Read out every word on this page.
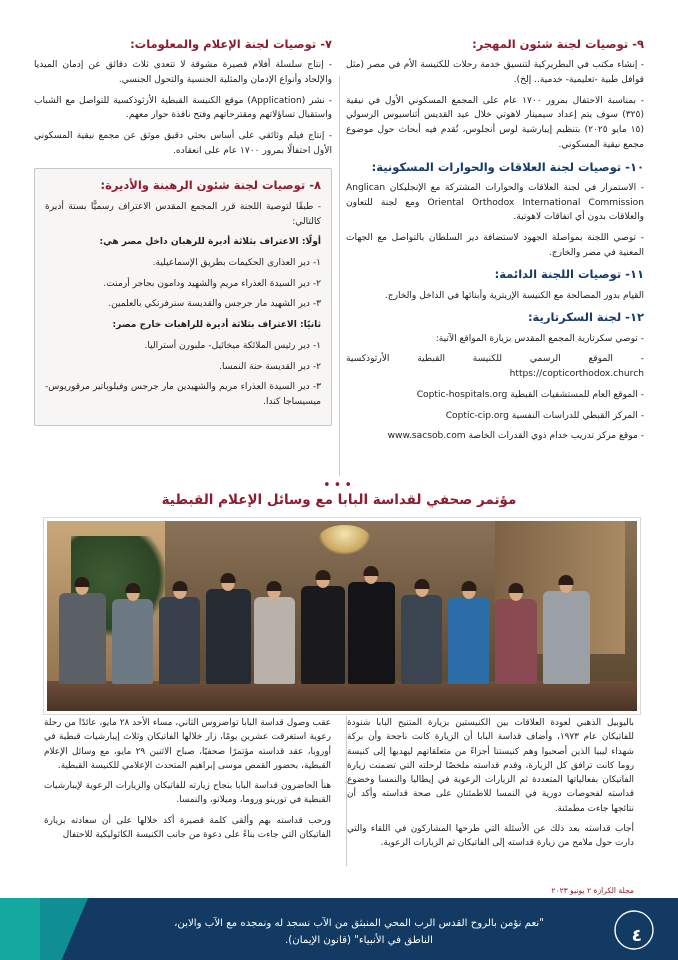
٧- توصيات لجنة الإعلام والمعلومات:

- إنتاج سلسلة أفلام قصيرة مشوقة لا تتعدى ثلاث دقائق عن إدمان الميديا والإلحاد وأنواع الإدمان والمثلية الجنسية والتحول الجنسي.

- نشر (Application) موقع الكنيسة القبطية الأرثوذكسية للتواصل مع الشباب واستقبال تساؤلاتهم ومقترحاتهم وفتح نافذة حوار معهم.

- إنتاج فيلم وثائقي على أساس بحثي دقيق موثق عن مجمع نيقية المسكوني الأول احتفالًا بمرور ١٧٠٠ عام على انعقاده.

٨- توصيات لجنة شئون الرهبنة والأديرة:

- طبقًا لتوصية اللجنة قرر المجمع المقدس الاعتراف رسميًّا بستة أديرة كالتالي:

أولًا: الاعتراف بثلاثة أديرة للرهبان داخل مصر هي:

١- دير العذارى الحكيمات بطريق الإسماعيلية.

٢- دير السيدة العذراء مريم والشهيد ودامون بحاجر أرمنت.

٣- دير الشهيد مار جرجس والقديسة سنرفرنكي بالعلمين.

ثانيًا: الاعتراف بثلاثة أديرة للراهبات خارج مصر:

١- دير رئيس الملائكة ميخائيل- ملبورن أستراليا.

٢- دير القديسة حنة النمسا.

٣- دير السيدة العذراء مريم والشهيدين مار جرجس وفيلوباتير مرقوريوس- ميسيساجا كندا.

٩- توصيات لجنة شئون المهجر:

- إنشاء مكتب في البطريركية لتنسيق خدمة رحلات للكنيسة الأم في مصر (مثل قوافل طبية -تعليمية- خدمية.. إلخ).

- بمناسبة الاحتفال بمرور ١٧٠٠ عام على المجمع المسكوني الأول في نيقية (٣٢٥) سوف يتم إعداد سيمينار لاهوتي خلال عيد القديس أثناسيوس الرسولي (١٥ مايو ٢٠٢٥) بتنظيم إيبارشية لوس أنجلوس، تُقدم فيه أبحاث حول موضوع مجمع نيقية المسكوني.

١٠- توصيات لجنة العلاقات والحوارات المسكونية:

- الاستمرار في لجنة العلاقات والحوارات المشتركة مع الإنجليكان Anglican Oriental Orthodox International Commission ومع لجنة للتعاون والعلاقات بدون أي اتفاقات لاهوتية.

- توصي اللجنة بمواصلة الجهود لاستضافة دير السلطان بالتواصل مع الجهات المعنية في مصر والخارج.

١١- توصيات اللجنة الدائمة:

القيام بدور المصالحة مع الكنيسة الإريترية وأبنائها في الداخل والخارج.

١٢- لجنة السكرتارية:

- توصي سكرتارية المجمع المقدس بزيارة المواقع الآتية:

- الموقع الرسمي للكنيسة القبطية الأرثوذكسية https://copticorthodox.church

- الموقع العام للمستشفيات القبطية Coptic-hospitals.org

- المركز القبطي للدراسات النفسية Coptic-cip.org

- موقع مركز تدريب خدام ذوي القدرات الخاصة www.sacsob.com

•••
مؤتمر صحفي لقداسة البابا مع وسائل الإعلام القبطية

عقب وصول قداسة البابا تواضروس الثاني، مساء الأحد ٢٨ مايو، عائدًا من رحلة رعوية استغرقت عشرين يومًا، زار خلالها الفاتيكان وثلاث إيبارشيات قبطية في أوروبا، عقد قداسته مؤتمرًا صحفيًا، صباح الاثنين ٢٩ مايو، مع وسائل الإعلام القبطية، بحضور القمص موسى إبراهيم المتحدث الإعلامي للكنيسة القبطية.

هنأ الحاضرون قداسة البابا بنجاح زيارته للفاتيكان والزيارات الرعوية لإيبارشيات القبطية في تورينو وروما، وميلانو، والنمسا.

ورحب قداسته بهم وألقى كلمة قصيرة أكد خلالها على أن سعادته بزيارة الفاتيكان التي جاءت بناءً على دعوة من جانب الكنيسة الكاثوليكية للاحتفال

باليوبيل الذهبي لعودة العلاقات بين الكنيستين بزيارة المتنيح البابا شنودة للفاتيكان عام ١٩٧٣، وأضاف قداسة البابا أن الزيارة كانت ناجحة وأن بركة شهداء ليبيا الذين أصحبوا وهم كنيستنا أجزاءً من متعلقاتهم ليهديها إلى كنيسة روما كانت ترافق كل الزيارة، وقدم قداسته ملخصًا لرحلته التي تضمنت زيارة الفاتيكان بفعالياتها المتعددة ثم الزيارات الرعوية في إيطاليا والنمسا وخضوع قداسته لفحوصات دورية في النمسا للاطمئنان على صحة قداسته وأكد أن نتائجها جاءت مطمئنة.

أجاب قداسته بعد ذلك عن الأسئلة التي طرحها المشاركون في اللقاء والتي دارت حول ملامح من زيارة قداسته إلى الفاتيكان ثم الزيارات الرعوية.

مجلة الكرازة ٢ يونيو ٢٠٢٣
٤
"نعم نؤمن بالروح القدس الرب المحي المنبثق من الآب نسجد له ونمجده مع الآب والابن،
الناطق في الأنبياء" (قانون الإيمان).
